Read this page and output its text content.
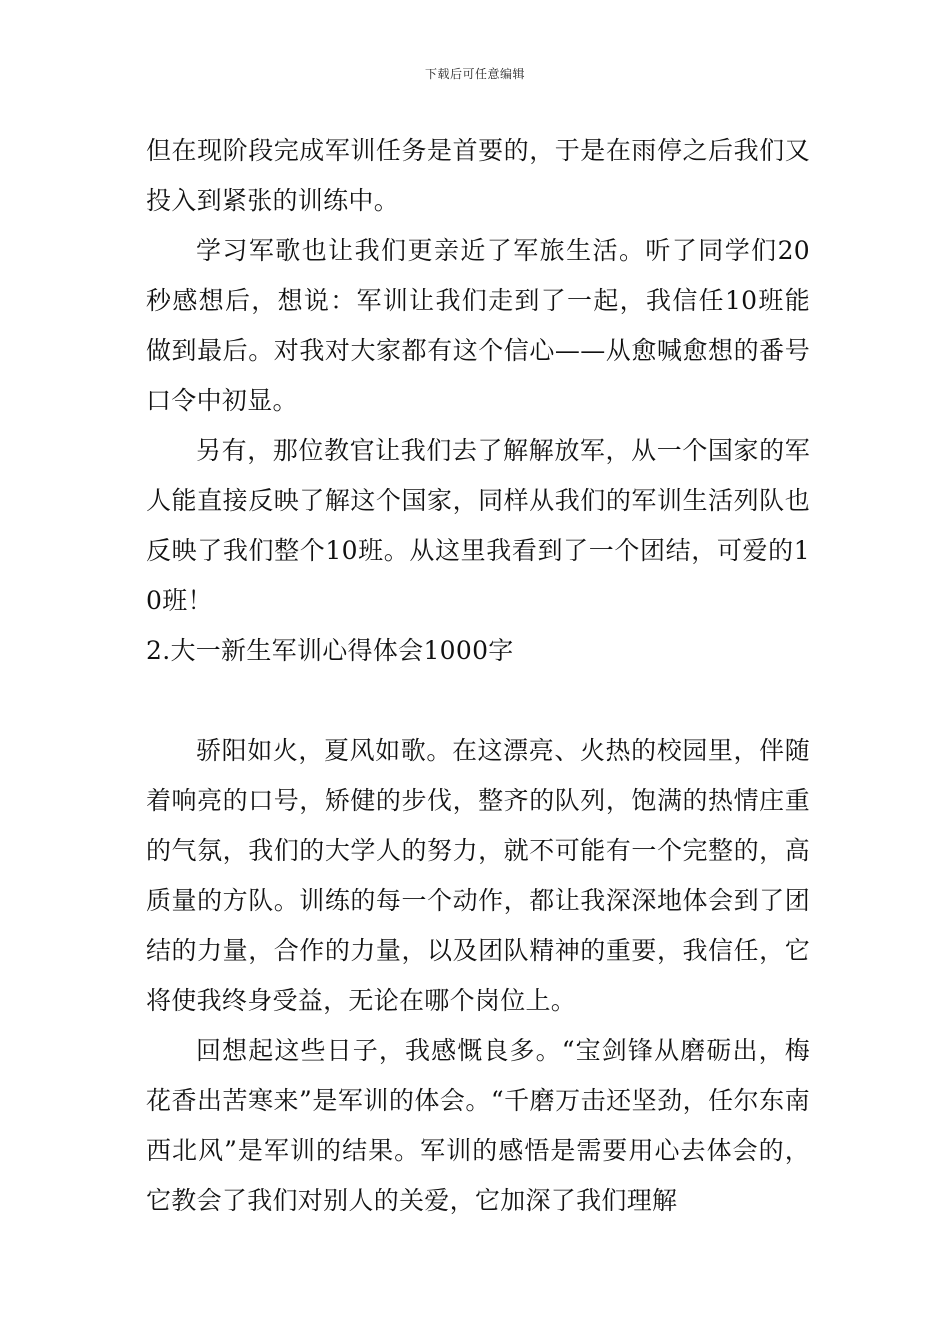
下载后可任意编辑

但在现阶段完成军训任务是首要的，于是在雨停之后我们又投入到紧张的训练中。

学习军歌也让我们更亲近了军旅生活。听了同学们20秒感想后，想说：军训让我们走到了一起，我信任10班能做到最后。对我对大家都有这个信心——从愈喊愈想的番号口令中初显。

另有，那位教官让我们去了解解放军，从一个国家的军人能直接反映了解这个国家，同样从我们的军训生活列队也反映了我们整个10班。从这里我看到了一个团结，可爱的10班！

2.大一新生军训心得体会1000字

骄阳如火，夏风如歌。在这漂亮、火热的校园里，伴随着响亮的口号，矫健的步伐，整齐的队列，饱满的热情庄重的气氛，我们的大学人的努力，就不可能有一个完整的，高质量的方队。训练的每一个动作，都让我深深地体会到了团结的力量，合作的力量，以及团队精神的重要，我信任，它将使我终身受益，无论在哪个岗位上。

回想起这些日子，我感慨良多。“宝剑锋从磨砺出，梅花香出苦寒来”是军训的体会。“千磨万击还坚劲，任尔东南西北风”是军训的结果。军训的感悟是需要用心去体会的，它教会了我们对别人的关爱，它加深了我们理解
